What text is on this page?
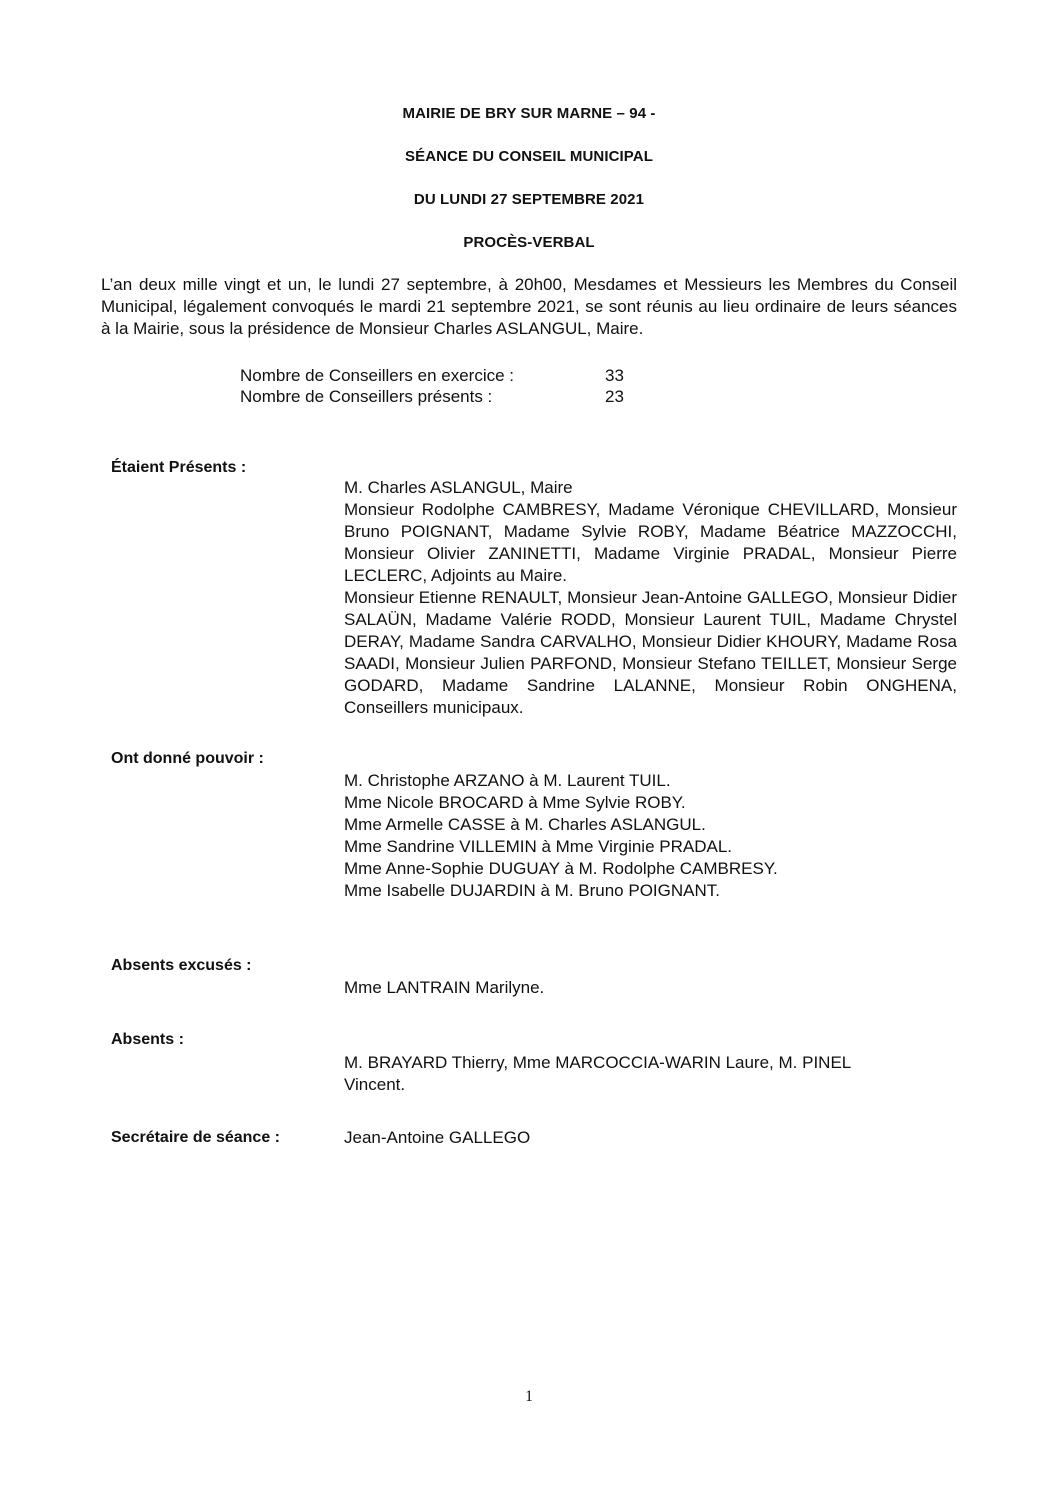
MAIRIE DE BRY SUR MARNE – 94 -
SÉANCE DU CONSEIL MUNICIPAL
DU LUNDI 27 SEPTEMBRE 2021
PROCÈS-VERBAL
L’an deux mille vingt et un, le lundi 27 septembre, à 20h00, Mesdames et Messieurs les Membres du Conseil Municipal, légalement convoqués le mardi 21 septembre 2021, se sont réunis au lieu ordinaire de leurs séances à la Mairie, sous la présidence de Monsieur Charles ASLANGUL, Maire.
Nombre de Conseillers en exercice :	33
Nombre de Conseillers présents :	23
Étaient Présents :
M. Charles ASLANGUL, Maire
Monsieur Rodolphe CAMBRESY, Madame Véronique CHEVILLARD, Monsieur Bruno POIGNANT, Madame Sylvie ROBY, Madame Béatrice MAZZOCCHI, Monsieur Olivier ZANINETTI, Madame Virginie PRADAL, Monsieur Pierre LECLERC, Adjoints au Maire.
Monsieur Etienne RENAULT, Monsieur Jean-Antoine GALLEGO, Monsieur Didier SALAÜN, Madame Valérie RODD, Monsieur Laurent TUIL, Madame Chrystel DERAY, Madame Sandra CARVALHO, Monsieur Didier KHOURY, Madame Rosa SAADI, Monsieur Julien PARFOND, Monsieur Stefano TEILLET, Monsieur Serge GODARD, Madame Sandrine LALANNE, Monsieur Robin ONGHENA, Conseillers municipaux.
Ont donné pouvoir :
M. Christophe ARZANO à M. Laurent TUIL.
Mme Nicole BROCARD à Mme Sylvie ROBY.
Mme Armelle CASSE à M. Charles ASLANGUL.
Mme Sandrine VILLEMIN à Mme Virginie PRADAL.
Mme Anne-Sophie DUGUAY à M. Rodolphe CAMBRESY.
Mme Isabelle DUJARDIN à M. Bruno POIGNANT.
Absents excusés :
Mme LANTRAIN Marilyne.
Absents :
M. BRAYARD Thierry, Mme MARCOCCIA-WARIN Laure, M. PINEL
Vincent.
Secrétaire de séance :	Jean-Antoine GALLEGO
1
